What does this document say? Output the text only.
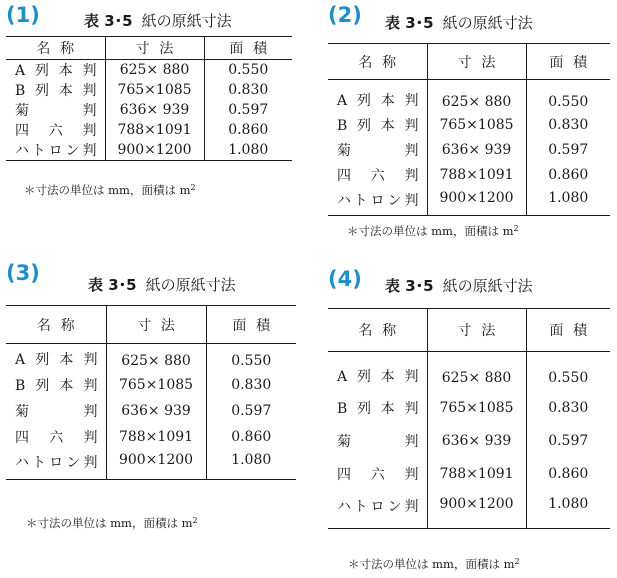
(1)	表 3･5 紙の原紙寸法
名称	寸法	面積
A列本判	625× 880	0.550
B列本判	765×1085	0.830
菊判	636× 939	0.597
四六判	788×1091	0.860
ハトロン判	900×1200	1.080
＊寸法の単位は mm，面積は $m^2$
(2) 表 3･5 紙の原紙寸法
名称	寸法	面積
A列本判	625× 880	0.550
B列本判	765×1085	0.830
菊判	636× 939	0.597
四六判	788×1091	0.860
ハトロン判	900×1200	1.080
＊寸法の単位は mm，面積は $m^2$
(3)	表 3･5 紙の原紙寸法
名称	寸法	面積
A列本判	625× 880	0.550
B列本判	765×1085	0.830
菊判	636× 939	0.597
四六判	788×1091	0.860
ハトロン判	900×1200	1.080
＊寸法の単位は mm，面積は $m^2$
(4) 表 3･5 紙の原紙寸法
名称	寸法	面積
A列本判	625× 880	0.550
B列本判	765×1085	0.830
菊判	636× 939	0.597
四六判	788×1091	0.860
ハトロン判	900×1200	1.080
＊寸法の単位は mm，面積は $m^2$
